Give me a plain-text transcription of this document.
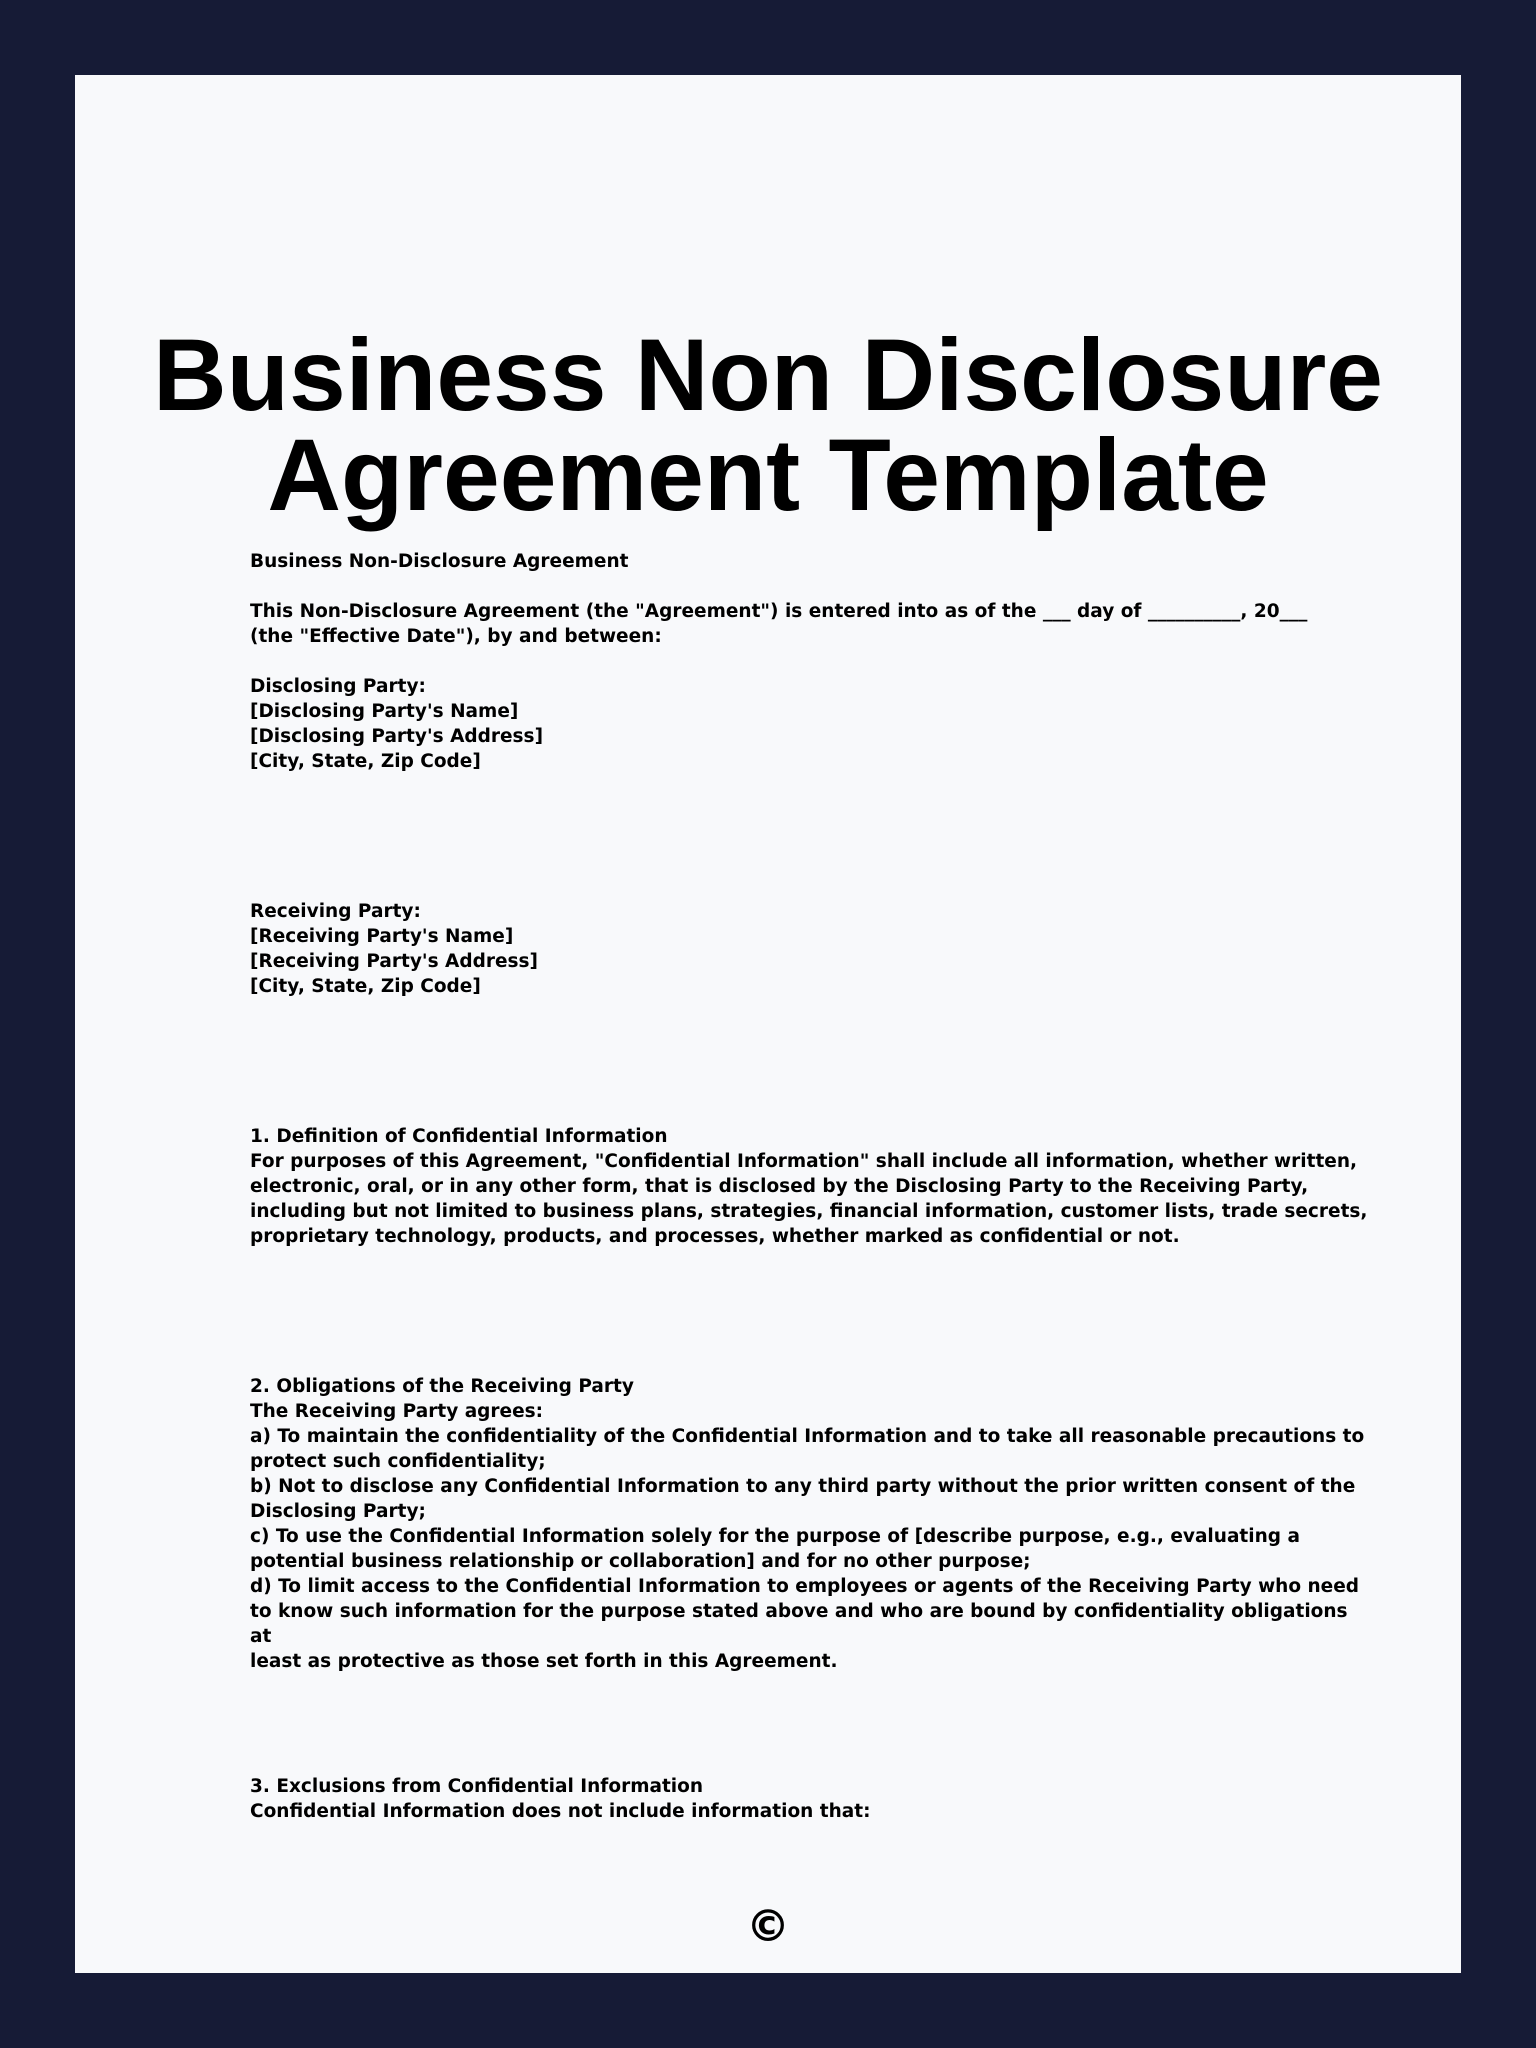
Business Non Disclosure
Agreement Template
Business Non-Disclosure Agreement
This Non-Disclosure Agreement (the "Agreement") is entered into as of the ___ day of __________, 20___
(the "Effective Date"), by and between:
Disclosing Party:
[Disclosing Party's Name]
[Disclosing Party's Address]
[City, State, Zip Code]
Receiving Party:
[Receiving Party's Name]
[Receiving Party's Address]
[City, State, Zip Code]
1. Definition of Confidential Information
For purposes of this Agreement, "Confidential Information" shall include all information, whether written,
electronic, oral, or in any other form, that is disclosed by the Disclosing Party to the Receiving Party,
including but not limited to business plans, strategies, financial information, customer lists, trade secrets,
proprietary technology, products, and processes, whether marked as confidential or not.
2. Obligations of the Receiving Party
The Receiving Party agrees:
a) To maintain the confidentiality of the Confidential Information and to take all reasonable precautions to
protect such confidentiality;
b) Not to disclose any Confidential Information to any third party without the prior written consent of the
Disclosing Party;
c) To use the Confidential Information solely for the purpose of [describe purpose, e.g., evaluating a
potential business relationship or collaboration] and for no other purpose;
d) To limit access to the Confidential Information to employees or agents of the Receiving Party who need
to know such information for the purpose stated above and who are bound by confidentiality obligations at
least as protective as those set forth in this Agreement.
3. Exclusions from Confidential Information
Confidential Information does not include information that:
©
